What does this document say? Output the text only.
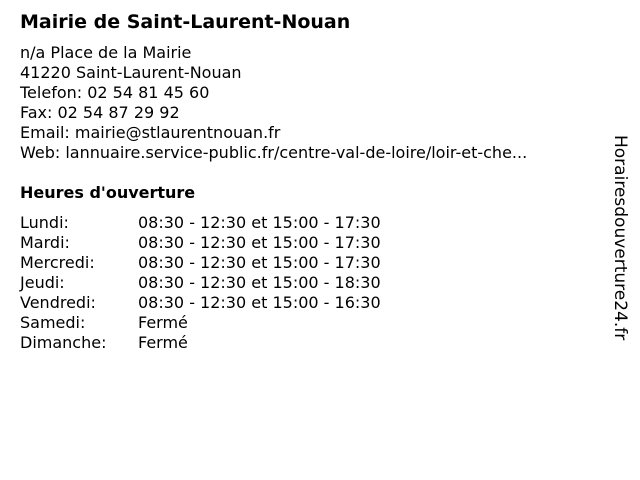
Mairie de Saint-Laurent-Nouan
n/a Place de la Mairie
41220 Saint-Laurent-Nouan
Telefon: 02 54 81 45 60
Fax: 02 54 87 29 92
Email: mairie@stlaurentnouan.fr
Web: lannuaire.service-public.fr/centre-val-de-loire/loir-et-che...
Heures d'ouverture
Lundi:	08:30 - 12:30 et 15:00 - 17:30
Mardi:	08:30 - 12:30 et 15:00 - 17:30
Mercredi:	08:30 - 12:30 et 15:00 - 17:30
Jeudi:	08:30 - 12:30 et 15:00 - 18:30
Vendredi:	08:30 - 12:30 et 15:00 - 16:30
Samedi:	Fermé
Dimanche: Fermé
Horairesdouverture24.fr
